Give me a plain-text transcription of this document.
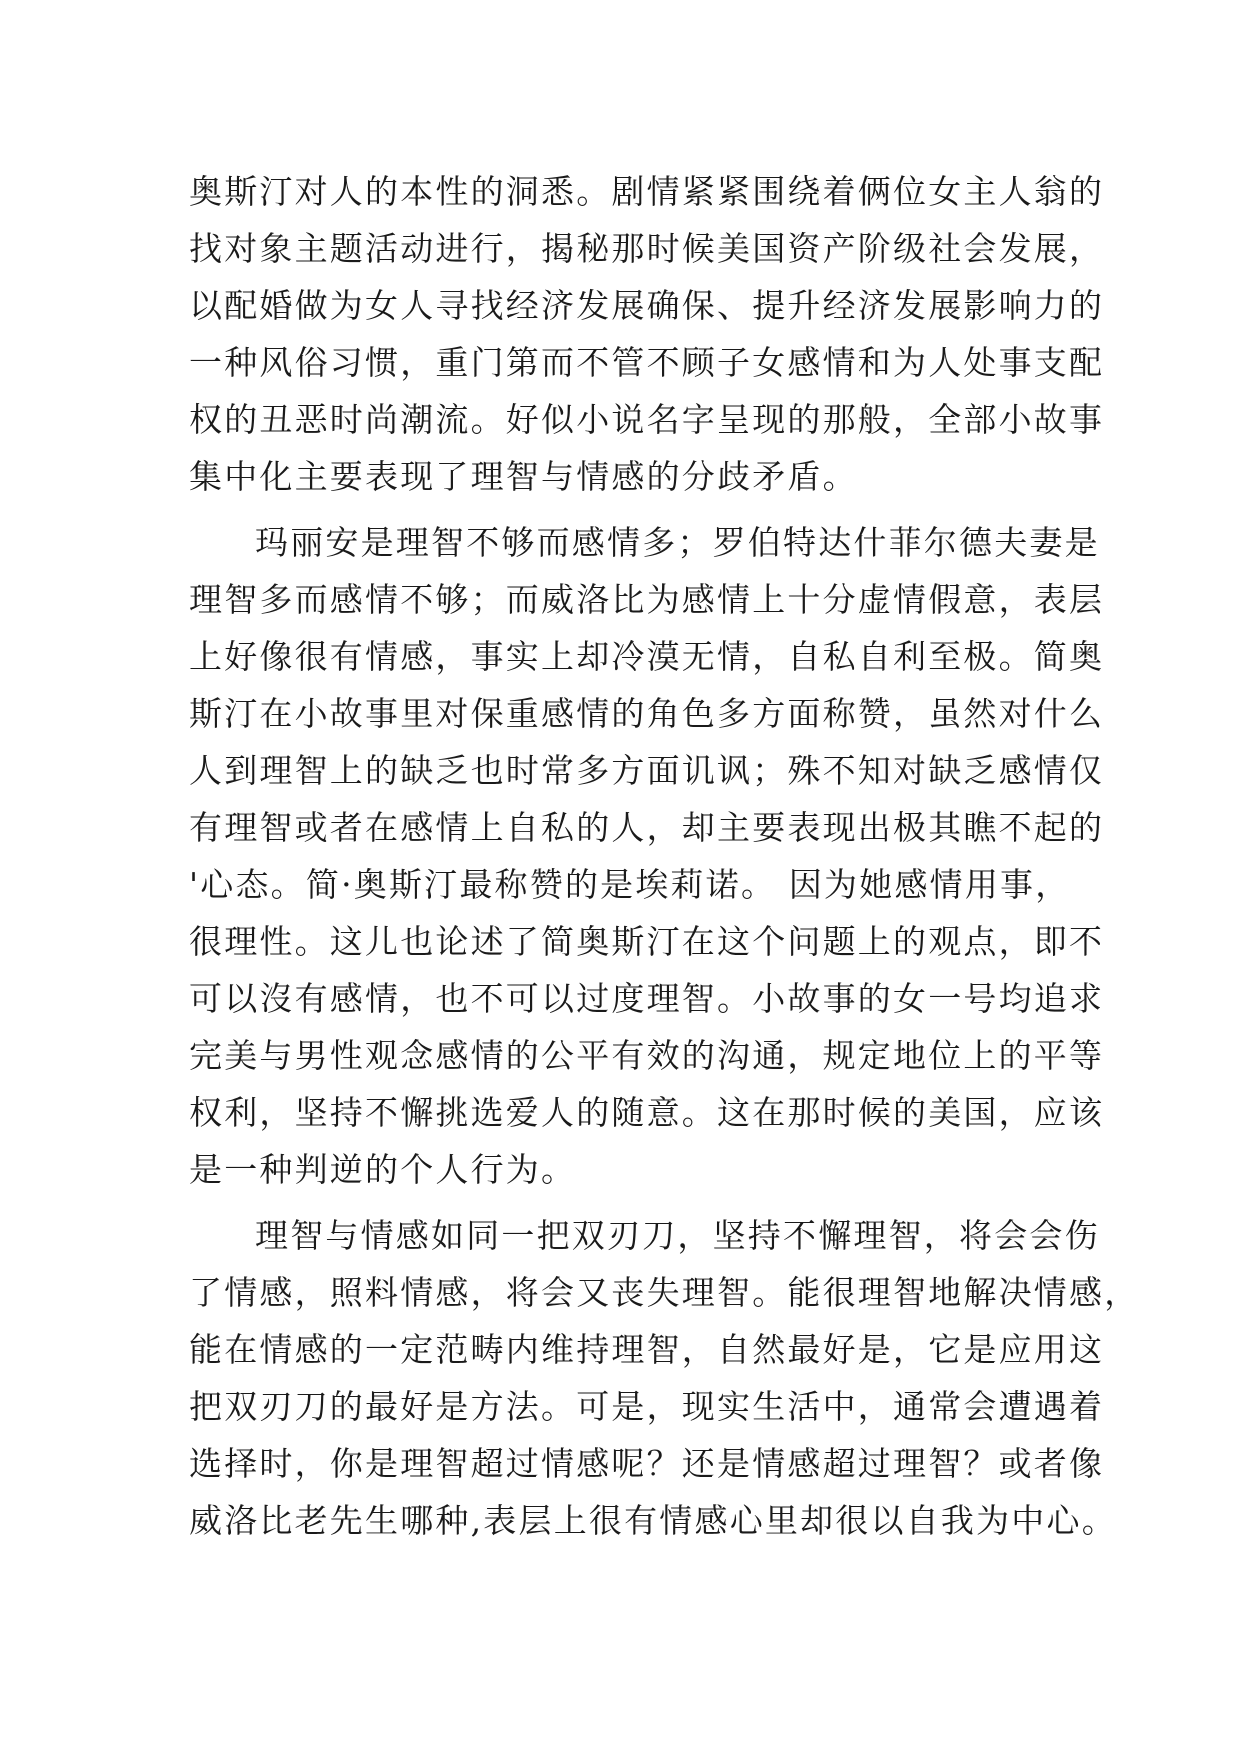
奥斯汀对人的本性的洞悉。剧情紧紧围绕着俩位女主人翁的
找对象主题活动进行，揭秘那时候美国资产阶级社会发展，
以配婚做为女人寻找经济发展确保、提升经济发展影响力的
一种风俗习惯，重门第而不管不顾子女感情和为人处事支配
权的丑恶时尚潮流。好似小说名字呈现的那般，全部小故事
集中化主要表现了理智与情感的分歧矛盾。
玛丽安是理智不够而感情多；罗伯特达什菲尔德夫妻是
理智多而感情不够；而威洛比为感情上十分虚情假意，表层
上好像很有情感，事实上却冷漠无情，自私自利至极。简奥
斯汀在小故事里对保重感情的角色多方面称赞，虽然对什么
人到理智上的缺乏也时常多方面讥讽；殊不知对缺乏感情仅
有理智或者在感情上自私的人，却主要表现出极其瞧不起的
'心态。简·奥斯汀最称赞的是埃莉诺。 因为她感情用事，
很理性。这儿也论述了简奥斯汀在这个问题上的观点，即不
可以沒有感情，也不可以过度理智。小故事的女一号均追求
完美与男性观念感情的公平有效的沟通，规定地位上的平等
权利，坚持不懈挑选爱人的随意。这在那时候的美国，应该
是一种判逆的个人行为。
理智与情感如同一把双刃刀，坚持不懈理智，将会会伤
了情感，照料情感，将会又丧失理智。能很理智地解决情感，
能在情感的一定范畴内维持理智，自然最好是，它是应用这
把双刃刀的最好是方法。可是，现实生活中，通常会遭遇着
选择时，你是理智超过情感呢？还是情感超过理智？或者像
威洛比老先生哪种,表层上很有情感心里却很以自我为中心。
